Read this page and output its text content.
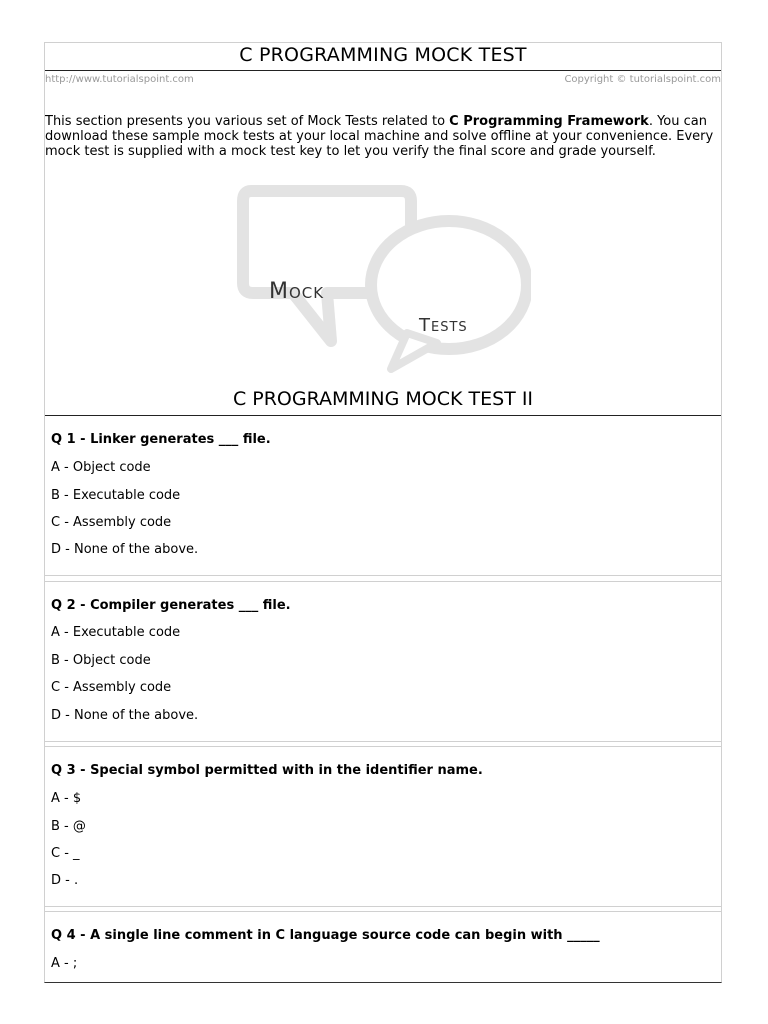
C PROGRAMMING MOCK TEST
http://www.tutorialspoint.com	Copyright © tutorialspoint.com
This section presents you various set of Mock Tests related to C Programming Framework. You can download these sample mock tests at your local machine and solve offline at your convenience. Every mock test is supplied with a mock test key to let you verify the final score and grade yourself.
Mock
Tests
C PROGRAMMING MOCK TEST II
Q 1 - Linker generates ___ file.
A - Object code
B - Executable code
C - Assembly code
D - None of the above.
Q 2 - Compiler generates ___ file.
A - Executable code
B - Object code
C - Assembly code
D - None of the above.
Q 3 - Special symbol permitted with in the identifier name.
A - $
B - @
C - _
D - .
Q 4 - A single line comment in C language source code can begin with _____
A - ;
